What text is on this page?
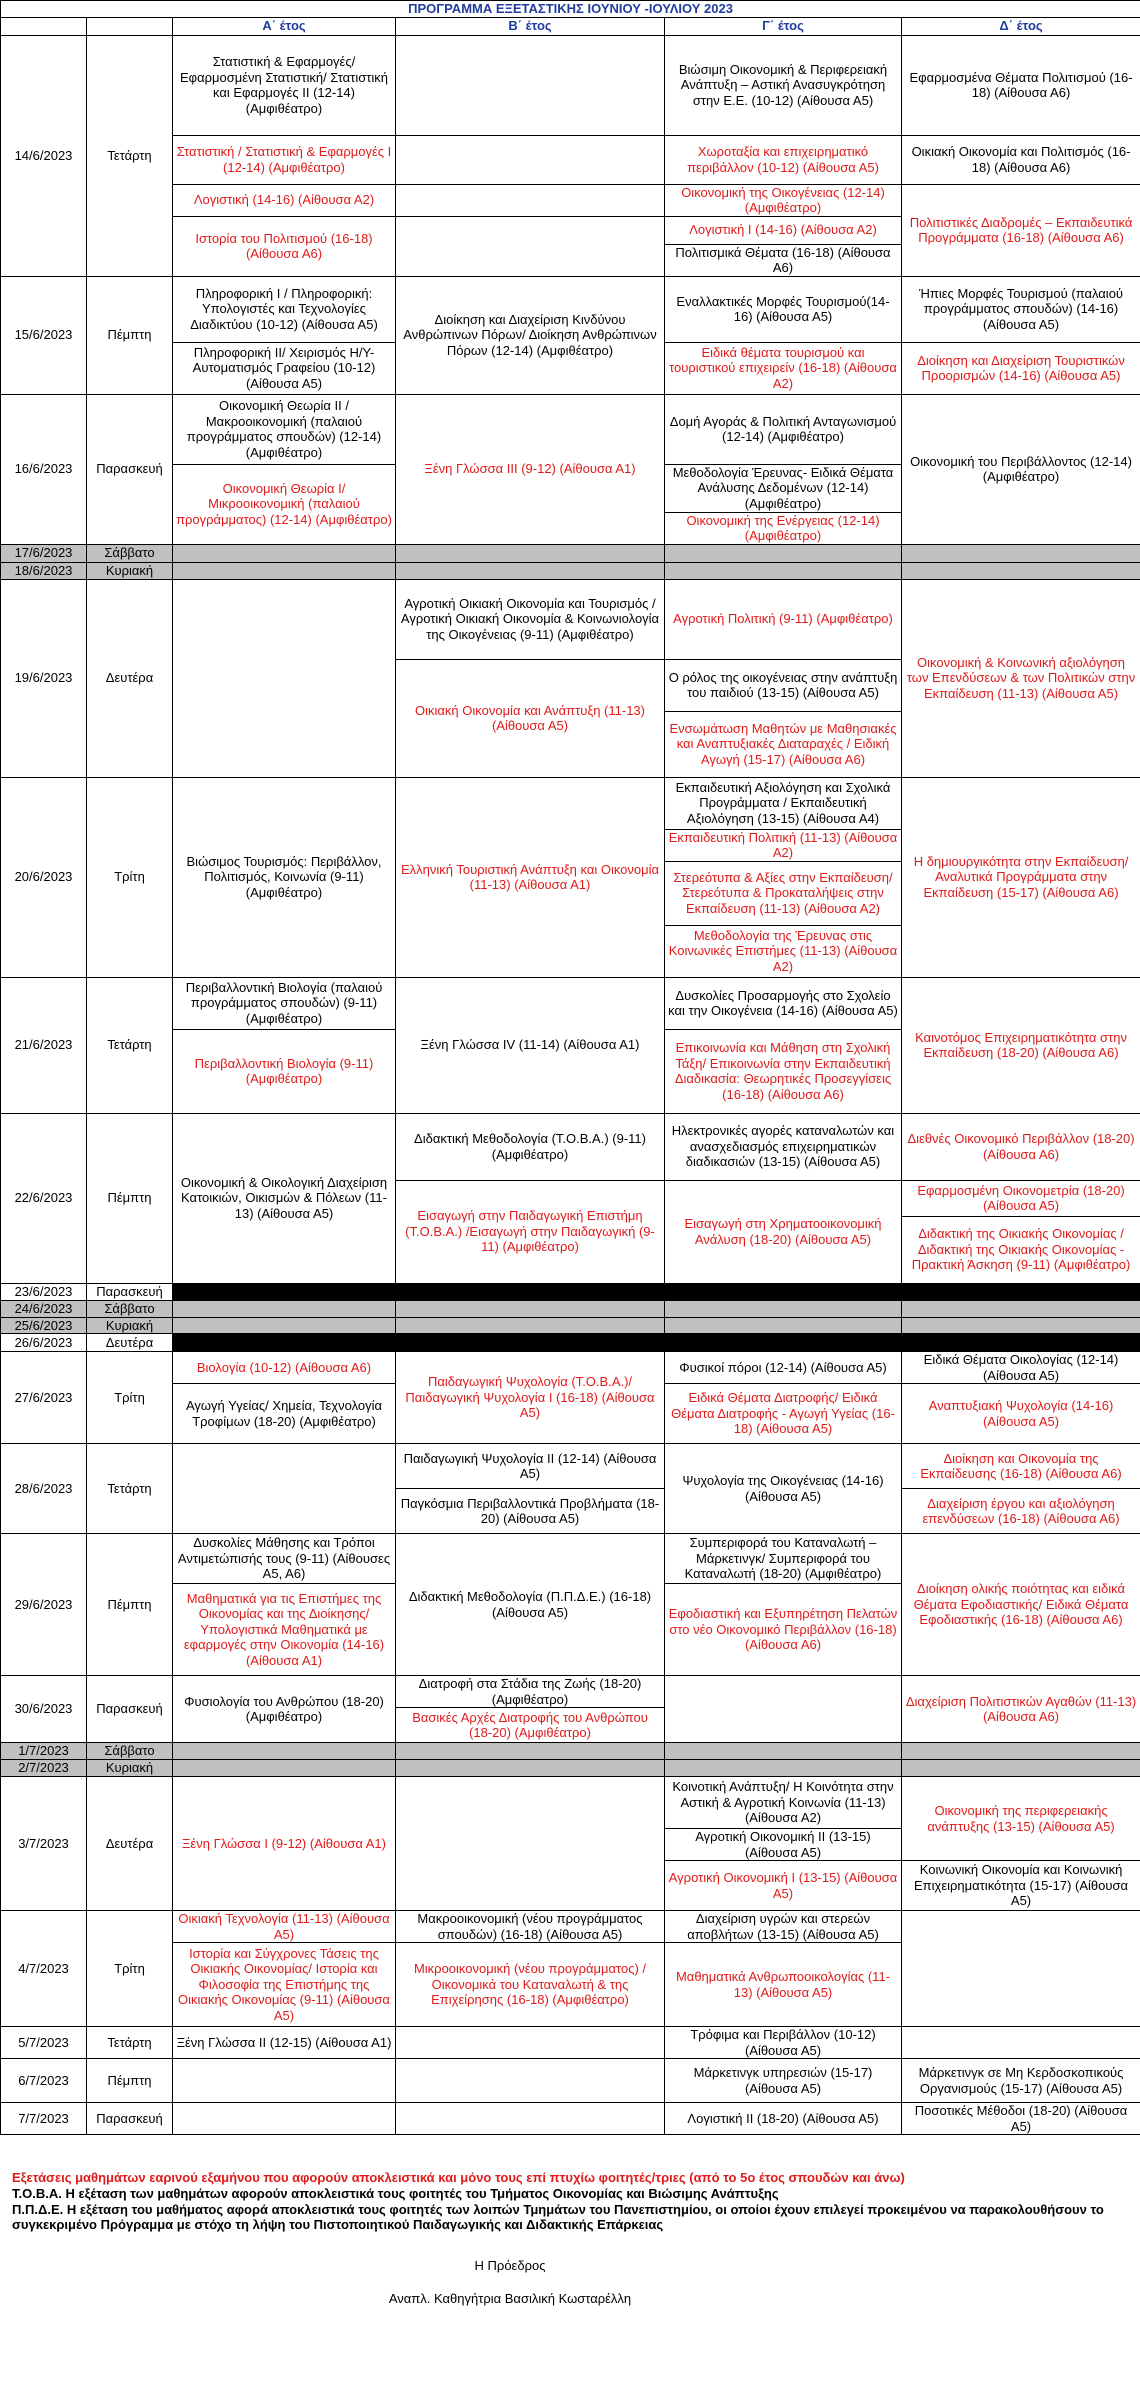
ΠΡΟΓΡΑΜΜΑ ΕΞΕΤΑΣΤΙΚΗΣ ΙΟΥΝΙΟΥ -ΙΟΥΛΙΟΥ 2023					
		Α΄ έτος	Β΄ έτος	Γ΄ έτος	Δ΄ έτος
14/6/2023	Τετάρτη	Στατιστική & Εφαρμογές/ Εφαρμοσμένη Στατιστική/ Στατιστική και Εφαρμογές ΙΙ (12-14) (Αμφιθέατρο)		Βιώσιμη Οικονομική & Περιφερειακή Ανάπτυξη – Αστική Ανασυγκρότηση στην Ε.Ε. (10-12) (Αίθουσα Α5)	Εφαρμοσμένα Θέματα Πολιτισμού (16-18) (Αίθουσα Α6)
		Στατιστική / Στατιστική & Εφαρμογές Ι (12-14) (Αμφιθέατρο)		Χωροταξία και επιχειρηματικό περιβάλλον (10-12) (Αίθουσα Α5)	Οικιακή Οικονομία και Πολιτισμός (16-18) (Αίθουσα Α6)
		Λογιστική (14-16) (Αίθουσα Α2)		Οικονομική της Οικογένειας (12-14) (Αμφιθέατρο)	Πολιτιστικές Διαδρομές – Εκπαιδευτικά Προγράμματα (16-18) (Αίθουσα Α6)
		Ιστορία του Πολιτισμού (16-18) (Αίθουσα Α6)		Λογιστική Ι (14-16) (Αίθουσα Α2)	
				Πολιτισμικά Θέματα (16-18) (Αίθουσα Α6)	
15/6/2023	Πέμπτη	Πληροφορική Ι / Πληροφορική: Υπολογιστές και Τεχνολογίες Διαδικτύου (10-12) (Αίθουσα Α5)	Διοίκηση και Διαχείριση Κινδύνου Ανθρώπινων Πόρων/ Διοίκηση Ανθρώπινων Πόρων (12-14) (Αμφιθέατρο)	Εναλλακτικές Μορφές Τουρισμού(14-16) (Αίθουσα Α5)	Ήπιες Μορφές Τουρισμού (παλαιού προγράμματος σπουδών) (14-16) (Αίθουσα Α5)
		Πληροφορική ΙΙ/ Χειρισμός Η/Υ-Αυτοματισμός Γραφείου (10-12) (Αίθουσα Α5)		Ειδικά θέματα τουρισμού και τουριστικού επιχειρείν (16-18) (Αίθουσα Α2)	Διοίκηση και Διαχείριση Τουριστικών Προορισμών (14-16) (Αίθουσα Α5)
16/6/2023	Παρασκευή	Οικονομική Θεωρία ΙΙ /Μακροοικονομική (παλαιού προγράμματος σπουδών) (12-14) (Αμφιθέατρο)	Ξένη Γλώσσα ΙΙΙ (9-12) (Αίθουσα Α1)	Δομή Αγοράς & Πολιτική Ανταγωνισμού (12-14) (Αμφιθέατρο)	Οικονομική του Περιβάλλοντος (12-14) (Αμφιθέατρο)
		Οικονομική Θεωρία Ι/ Μικροοικονομική (παλαιού προγράμματος) (12-14) (Αμφιθέατρο)		Μεθοδολογία Έρευνας- Ειδικά Θέματα Ανάλυσης Δεδομένων (12-14) (Αμφιθέατρο)	
				Οικονομική της Ενέργειας (12-14) (Αμφιθέατρο)	
17/6/2023	Σάββατο				
18/6/2023	Κυριακή				
19/6/2023	Δευτέρα		Αγροτική Οικιακή Οικονομία και Τουρισμός / Αγροτική Οικιακή Οικονομία & Κοινωνιολογία της Οικογένειας (9-11) (Αμφιθέατρο)	Αγροτική Πολιτική (9-11) (Αμφιθέατρο)	Οικονομική & Κοινωνική αξιολόγηση των Επενδύσεων & των Πολιτικών στην Εκπαίδευση (11-13) (Αίθουσα Α5)
			Οικιακή Οικονομία και Ανάπτυξη (11-13) (Αίθουσα Α5)	Ο ρόλος της οικογένειας στην ανάπτυξη του παιδιού (13-15) (Αίθουσα Α5)	
				Ενσωμάτωση Μαθητών με Μαθησιακές και Αναπτυξιακές Διαταραχές / Ειδική Αγωγή (15-17) (Αίθουσα Α6)	
20/6/2023	Τρίτη	Βιώσιμος Τουρισμός: Περιβάλλον, Πολιτισμός, Κοινωνία (9-11) (Αμφιθέατρο)	Ελληνική Τουριστική Ανάπτυξη και Οικονομία (11-13) (Αίθουσα Α1)	Εκπαιδευτική Αξιολόγηση και Σχολικά Προγράμματα / Εκπαιδευτική Αξιολόγηση (13-15) (Αίθουσα Α4)	Η δημιουργικότητα στην Εκπαίδευση/ Αναλυτικά Προγράμματα στην Εκπαίδευση (15-17) (Αίθουσα Α6)
				Εκπαιδευτική Πολιτική (11-13) (Αίθουσα Α2)	
				Στερεότυπα & Αξίες στην Εκπαίδευση/ Στερεότυπα & Προκαταλήψεις στην Εκπαίδευση (11-13) (Αίθουσα Α2)	
				Μεθοδολογία της Έρευνας στις Κοινωνικές Επιστήμες (11-13) (Αίθουσα Α2)	
21/6/2023	Τετάρτη	Περιβαλλοντική Βιολογία (παλαιού προγράμματος σπουδών) (9-11) (Αμφιθέατρο)	Ξένη Γλώσσα ΙV (11-14) (Αίθουσα Α1)	Δυσκολίες Προσαρμογής στο Σχολείο και την Οικογένεια (14-16) (Αίθουσα Α5)	Καινοτόμος Επιχειρηματικότητα στην Εκπαίδευση (18-20) (Αίθουσα Α6)
		Περιβαλλοντική Βιολογία (9-11) (Αμφιθέατρο)		Επικοινωνία και Μάθηση στη Σχολική Τάξη/ Επικοινωνία στην Εκπαιδευτική Διαδικασία: Θεωρητικές Προσεγγίσεις (16-18) (Αίθουσα Α6)	
22/6/2023	Πέμπτη	Οικονομική & Οικολογική Διαχείριση Κατοικιών, Οικισμών & Πόλεων (11-13) (Αίθουσα Α5)	Διδακτική Μεθοδολογία (Τ.Ο.Β.Α.) (9-11) (Αμφιθέατρο)	Ηλεκτρονικές αγορές καταναλωτών και ανασχεδιασμός επιχειρηματικών διαδικασιών (13-15) (Αίθουσα Α5)	Διεθνές Οικονομικό Περιβάλλον (18-20) (Αίθουσα Α6)
			Εισαγωγή στην Παιδαγωγική Επιστήμη (Τ.Ο.Β.Α.) /Εισαγωγή στην Παιδαγωγική (9-11) (Αμφιθέατρο)	Εισαγωγή στη Χρηματοοικονομική Ανάλυση (18-20) (Αίθουσα Α5)	Εφαρμοσμένη Οικονομετρία (18-20) (Αίθουσα Α5)
					Διδακτική της Οικιακής Οικονομίας / Διδακτική της Οικιακής Οικονομίας - Πρακτική Άσκηση (9-11) (Αμφιθέατρο)
23/6/2023	Παρασκευή				
24/6/2023	Σάββατο				
25/6/2023	Κυριακή				
26/6/2023	Δευτέρα				
27/6/2023	Τρίτη	Βιολογία (10-12) (Αίθουσα Α6)	Παιδαγωγική Ψυχολογία (Τ.Ο.Β.Α.)/ Παιδαγωγική Ψυχολογία Ι (16-18) (Αίθουσα Α5)	Φυσικοί πόροι (12-14) (Αίθουσα Α5)	Ειδικά Θέματα Οικολογίας (12-14) (Αίθουσα Α5)
		Αγωγή Υγείας/ Χημεία, Τεχνολογία Τροφίμων (18-20) (Αμφιθέατρο)		Ειδικά Θέματα Διατροφής/ Ειδικά Θέματα Διατροφής - Αγωγή Υγείας (16-18) (Αίθουσα Α5)	Αναπτυξιακή Ψυχολογία (14-16) (Αίθουσα Α5)
28/6/2023	Τετάρτη		Παιδαγωγική Ψυχολογία ΙΙ (12-14) (Αίθουσα Α5)	Ψυχολογία της Οικογένειας (14-16) (Αίθουσα Α5)	Διοίκηση και Οικονομία της Εκπαίδευσης (16-18) (Αίθουσα Α6)
			Παγκόσμια Περιβαλλοντικά Προβλήματα (18-20) (Αίθουσα Α5)		Διαχείριση έργου και αξιολόγηση επενδύσεων (16-18) (Αίθουσα Α6)
29/6/2023	Πέμπτη	Δυσκολίες Μάθησης και Τρόποι Αντιμετώπισής τους (9-11) (Αίθουσες Α5, Α6)	Διδακτική Μεθοδολογία (Π.Π.Δ.Ε.) (16-18) (Αίθουσα Α5)	Συμπεριφορά του Καταναλωτή – Μάρκετινγκ/ Συμπεριφορά του Καταναλωτή (18-20) (Αμφιθέατρο)	Διοίκηση ολικής ποιότητας και ειδικά Θέματα Εφοδιαστικής/ Ειδικά Θέματα Εφοδιαστικής (16-18) (Αίθουσα Α6)
		Μαθηματικά για τις Επιστήμες της Οικονομίας και της Διοίκησης/ Υπολογιστικά Μαθηματικά με εφαρμογές στην Οικονομία (14-16) (Αίθουσα Α1)		Εφοδιαστική και Εξυπηρέτηση Πελατών στο νέο Οικονομικό Περιβάλλον (16-18) (Αίθουσα Α6)	
30/6/2023	Παρασκευή	Φυσιολογία του Ανθρώπου (18-20) (Αμφιθέατρο)	Διατροφή στα Στάδια της Ζωής (18-20) (Αμφιθέατρο)		Διαχείριση Πολιτιστικών Αγαθών (11-13) (Αίθουσα Α6)
			Βασικές Αρχές Διατροφής του Ανθρώπου (18-20) (Αμφιθέατρο)		
1/7/2023	Σάββατο				
2/7/2023	Κυριακή				
3/7/2023	Δευτέρα	Ξένη Γλώσσα Ι (9-12) (Αίθουσα Α1)		Κοινοτική Ανάπτυξη/ Η Κοινότητα στην Αστική & Αγροτική Κοινωνία (11-13) (Αίθουσα Α2)	Οικονομική της περιφερειακής ανάπτυξης (13-15) (Αίθουσα Α5)
				Αγροτική Οικονομική ΙΙ (13-15) (Αίθουσα Α5)	
				Αγροτική Οικονομική Ι (13-15) (Αίθουσα Α5)	Κοινωνική Οικονομία και Κοινωνική Επιχειρηματικότητα (15-17) (Αίθουσα Α5)
4/7/2023	Τρίτη	Οικιακή Τεχνολογία (11-13) (Αίθουσα Α5)	Μακροοικονομική (νέου προγράμματος σπουδών) (16-18) (Αίθουσα Α5)	Διαχείριση υγρών και στερεών αποβλήτων (13-15) (Αίθουσα Α5)	
		Ιστορία και Σύγχρονες Τάσεις της Οικιακής Οικονομίας/ Ιστορία και Φιλοσοφία της Επιστήμης της Οικιακής Οικονομίας (9-11) (Αίθουσα Α5)	Μικροοικονομική (νέου προγράμματος) / Οικονομικά του Καταναλωτή & της Επιχείρησης (16-18) (Αμφιθέατρο)	Μαθηματικά Ανθρωποοικολογίας (11-13) (Αίθουσα Α5)	

5/7/2023	Τετάρτη	Ξένη Γλώσσα ΙΙ (12-15) (Αίθουσα Α1)		Τρόφιμα και Περιβάλλον (10-12) (Αίθουσα Α5)	
6/7/2023	Πέμπτη			Μάρκετινγκ υπηρεσιών (15-17) (Αίθουσα Α5)	Μάρκετινγκ σε Μη Κερδοσκοπικούς Οργανισμούς (15-17) (Αίθουσα Α5)
7/7/2023	Παρασκευή			Λογιστική ΙΙ (18-20) (Αίθουσα Α5)	Ποσοτικές Μέθοδοι (18-20) (Αίθουσα Α5)
Εξετάσεις μαθημάτων εαρινού εξαμήνου που αφορούν αποκλειστικά και μόνο τους επί πτυχίω φοιτητές/τριες (από το 5ο έτος σπουδών και άνω)
Τ.Ο.Β.Α. Η εξέταση των μαθημάτων αφορούν αποκλειστικά τους φοιτητές του Τμήματος Οικονομίας και Βιώσιμης Ανάπτυξης
Π.Π.Δ.Ε. Η εξέταση του μαθήματος αφορά αποκλειστικά τους φοιτητές των λοιπών Τμημάτων του Πανεπιστημίου, οι οποίοι έχουν επιλεγεί προκειμένου να παρακολουθήσουν το συγκεκριμένο Πρόγραμμα με στόχο τη λήψη του Πιστοποιητικού Παιδαγωγικής και Διδακτικής Επάρκειας
Η Πρόεδρος
Αναπλ. Καθηγήτρια Βασιλική Κωσταρέλλη
